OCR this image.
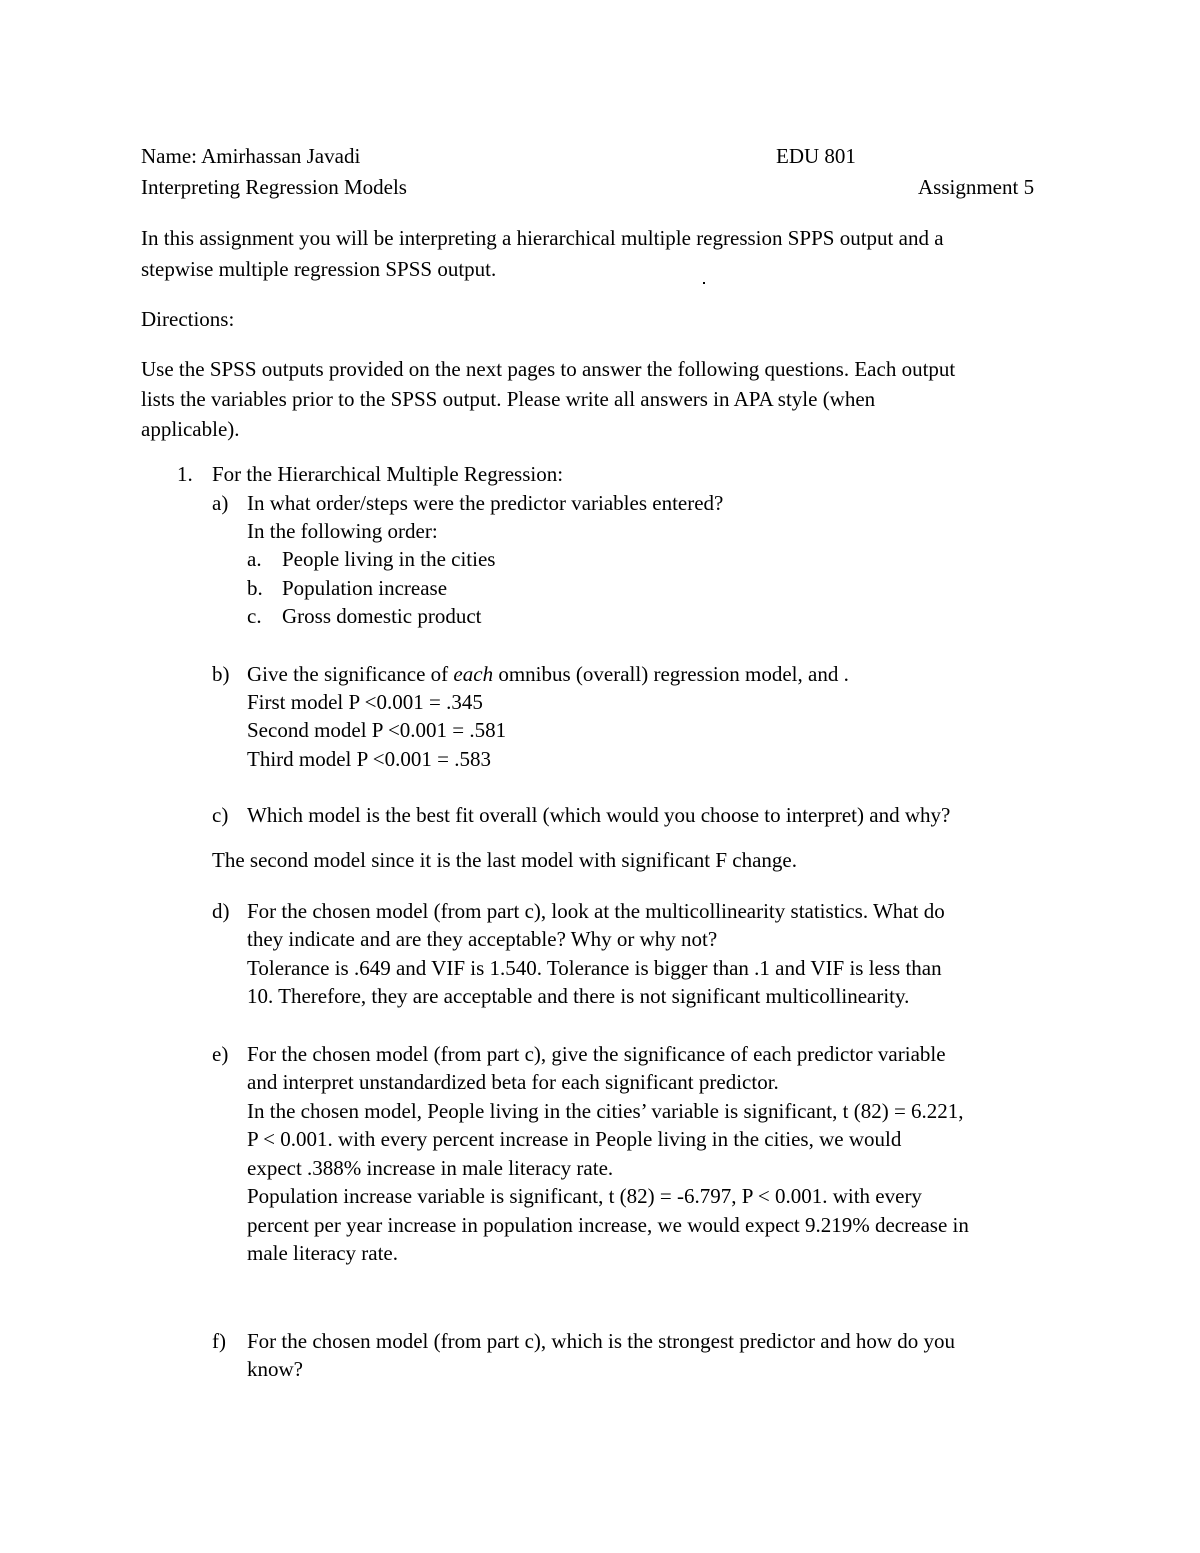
Name: Amirhassan Javadi	EDU 801
Interpreting Regression Models	Assignment 5
In this assignment you will be interpreting a hierarchical multiple regression SPPS output and a
stepwise multiple regression SPSS output.
Directions:
Use the SPSS outputs provided on the next pages to answer the following questions. Each output
lists the variables prior to the SPSS output. Please write all answers in APA style (when
applicable).
1. For the Hierarchical Multiple Regression:
a) In what order/steps were the predictor variables entered?
In the following order:
a. People living in the cities
b. Population increase
c. Gross domestic product
b) Give the significance of each omnibus (overall) regression model, and .
First model P <0.001 = .345
Second model P <0.001 = .581
Third model P <0.001 = .583
c) Which model is the best fit overall (which would you choose to interpret) and why?
The second model since it is the last model with significant F change.
d) For the chosen model (from part c), look at the multicollinearity statistics. What do
they indicate and are they acceptable? Why or why not?
Tolerance is .649 and VIF is 1.540. Tolerance is bigger than .1 and VIF is less than
10. Therefore, they are acceptable and there is not significant multicollinearity.
e) For the chosen model (from part c), give the significance of each predictor variable
and interpret unstandardized beta for each significant predictor.
In the chosen model, People living in the cities’ variable is significant, t (82) = 6.221,
P < 0.001. with every percent increase in People living in the cities, we would
expect .388% increase in male literacy rate.
Population increase variable is significant, t (82) = -6.797, P < 0.001. with every
percent per year increase in population increase, we would expect 9.219% decrease in
male literacy rate.
f) For the chosen model (from part c), which is the strongest predictor and how do you
know?
